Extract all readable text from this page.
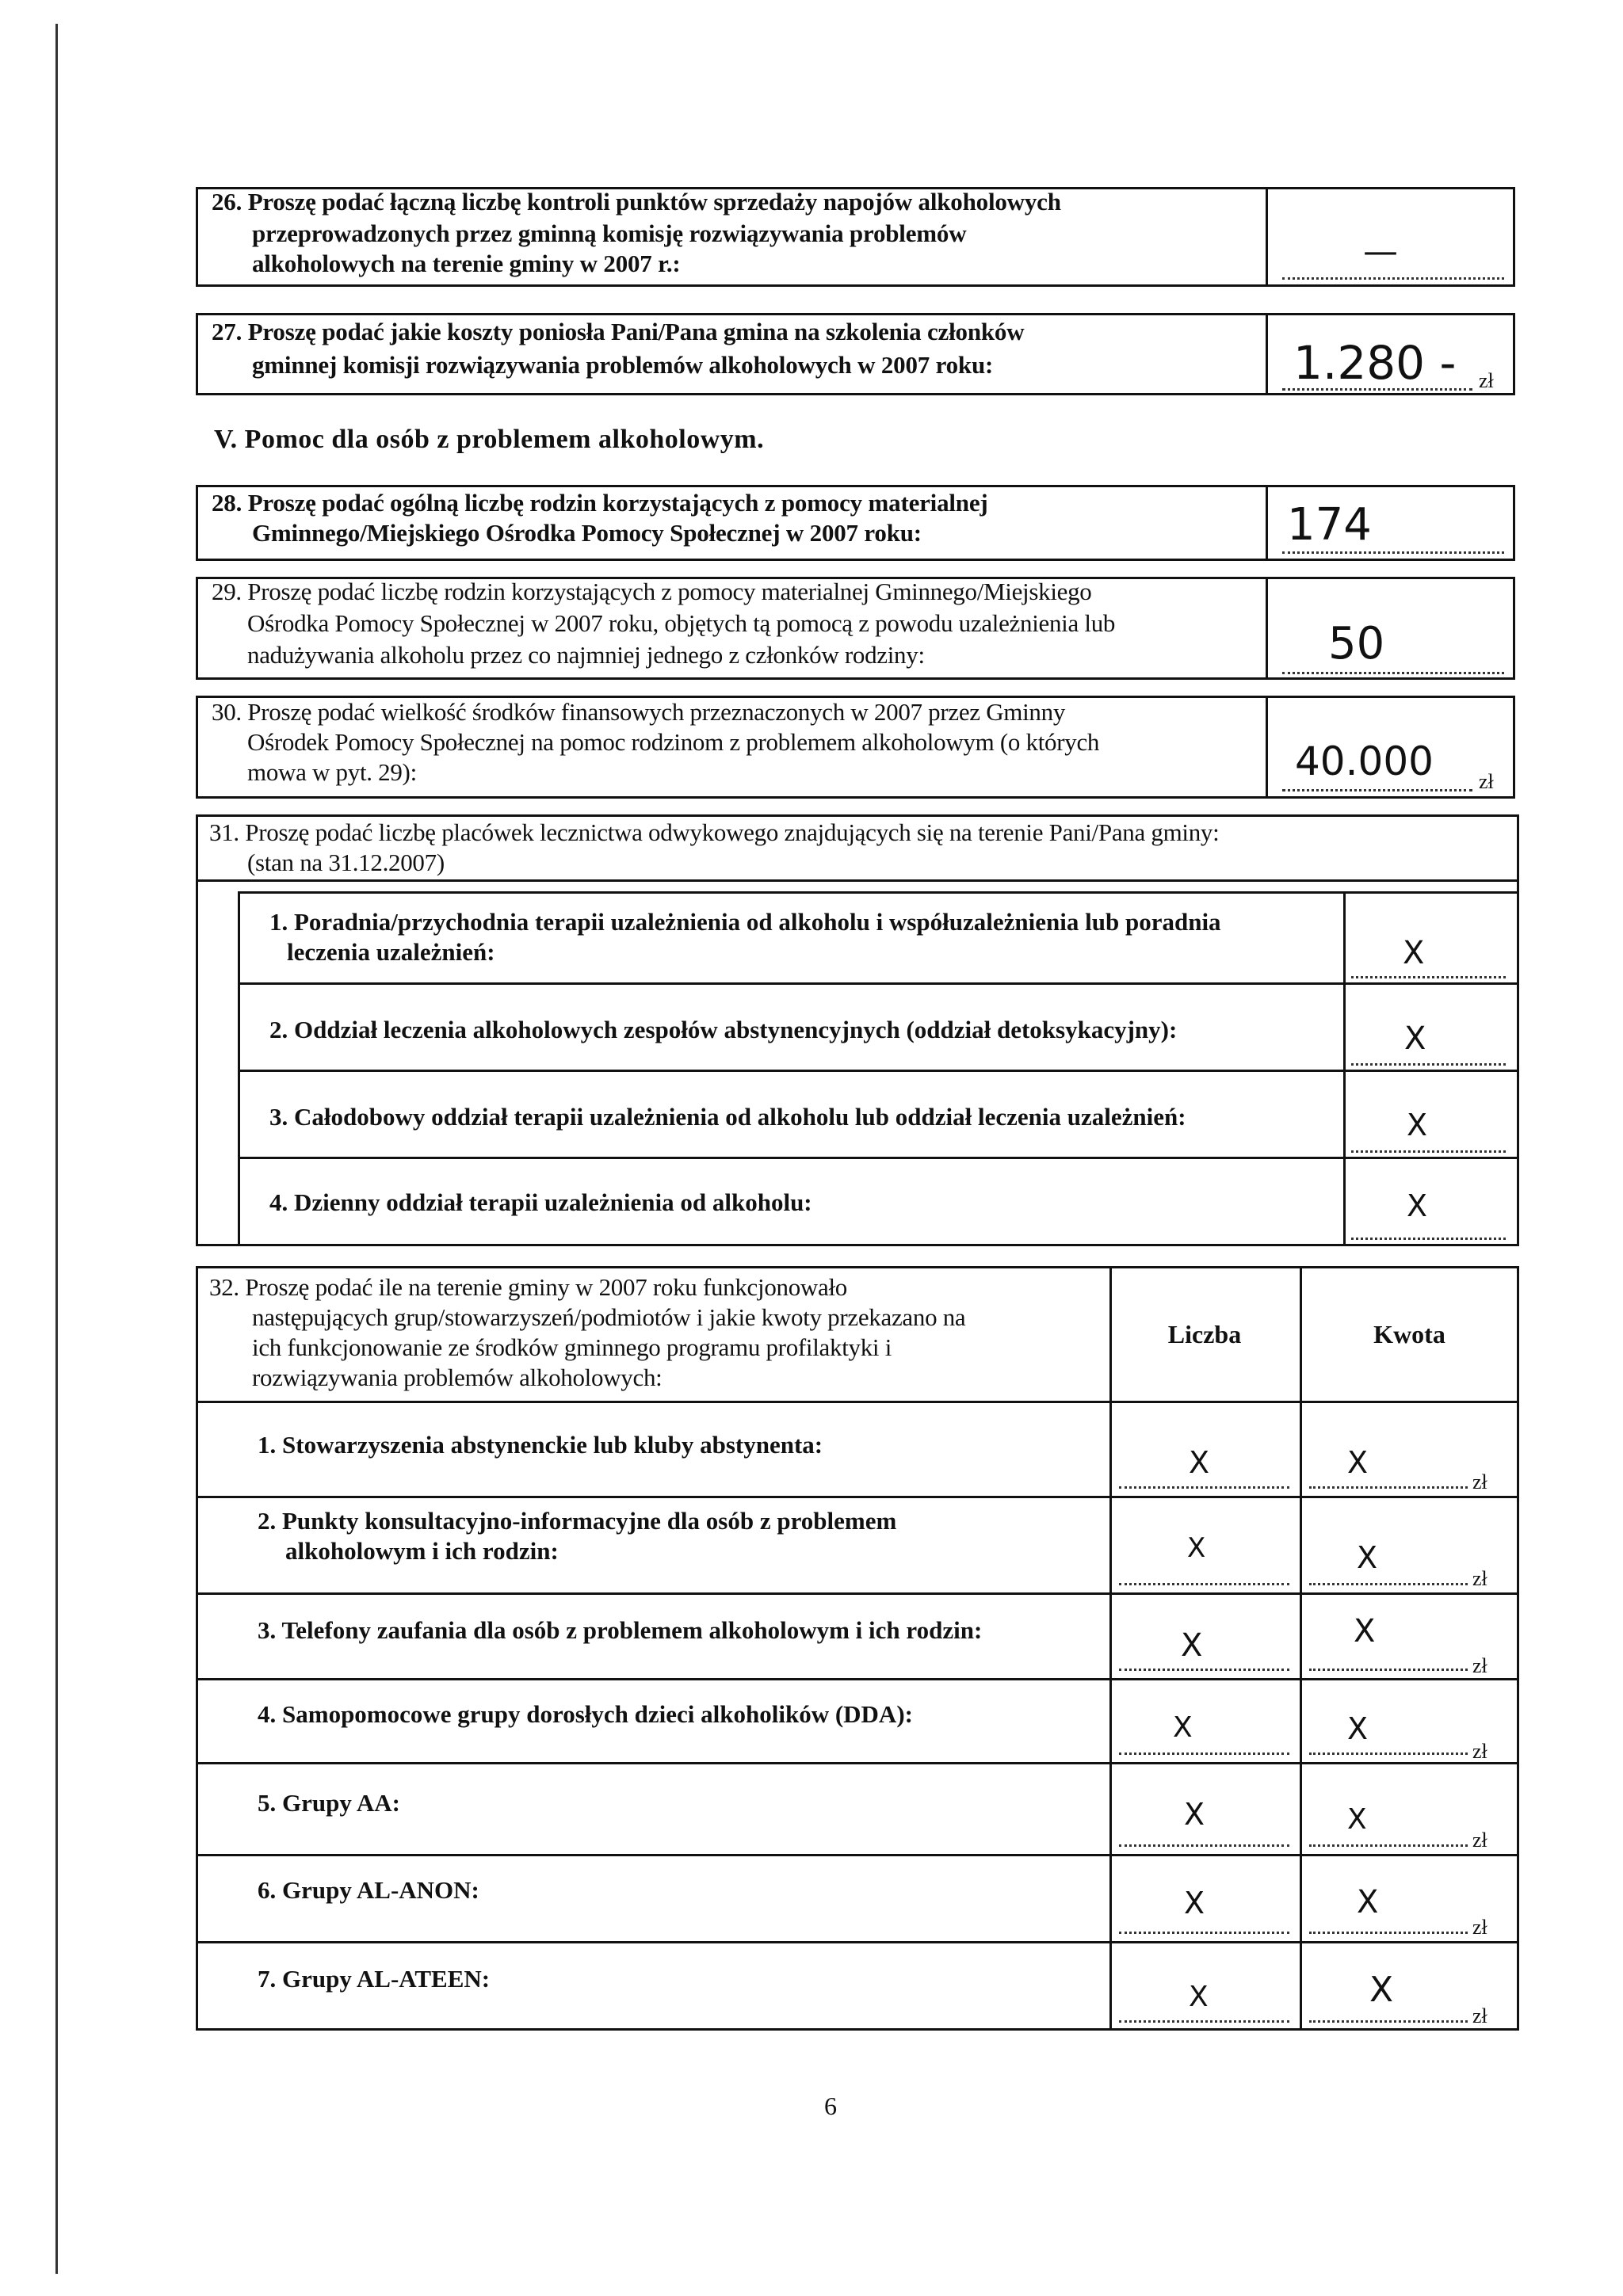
26. Proszę podać łączną liczbę kontroli punktów sprzedaży napojów alkoholowych
przeprowadzonych przez gminną komisję rozwiązywania problemów
alkoholowych na terenie gminy w 2007 r.:	—
27. Proszę podać jakie koszty poniosła Pani/Pana gmina na szkolenia członków
gminnej komisji rozwiązywania problemów alkoholowych w 2007 roku:	1.280 - zł
V. Pomoc dla osób z problemem alkoholowym.
28. Proszę podać ogólną liczbę rodzin korzystających z pomocy materialnej
Gminnego/Miejskiego Ośrodka Pomocy Społecznej w 2007 roku:	174
29. Proszę podać liczbę rodzin korzystających z pomocy materialnej Gminnego/Miejskiego
Ośrodka Pomocy Społecznej w 2007 roku, objętych tą pomocą z powodu uzależnienia lub
nadużywania alkoholu przez co najmniej jednego z członków rodziny:	50
30. Proszę podać wielkość środków finansowych przeznaczonych w 2007 przez Gminny
Ośrodek Pomocy Społecznej na pomoc rodzinom z problemem alkoholowym (o których
mowa w pyt. 29):	40.000 zł
31. Proszę podać liczbę placówek lecznictwa odwykowego znajdujących się na terenie Pani/Pana gminy:
(stan na 31.12.2007)
1. Poradnia/przychodnia terapii uzależnienia od alkoholu i współuzależnienia lub poradnia
leczenia uzależnień:	X
2. Oddział leczenia alkoholowych zespołów abstynencyjnych (oddział detoksykacyjny):	X
3. Całodobowy oddział terapii uzależnienia od alkoholu lub oddział leczenia uzależnień:	X
4. Dzienny oddział terapii uzależnienia od alkoholu:	X
32. Proszę podać ile na terenie gminy w 2007 roku funkcjonowało
następujących grup/stowarzyszeń/podmiotów i jakie kwoty przekazano na
ich funkcjonowanie ze środków gminnego programu profilaktyki i
rozwiązywania problemów alkoholowych:
Liczba	Kwota
1. Stowarzyszenia abstynenckie lub kluby abstynenta:
X	X
zł
2. Punkty konsultacyjno-informacyjne dla osób z problemem
alkoholowym i ich rodzin:	X	X
zł
3. Telefony zaufania dla osób z problemem alkoholowym i ich rodzin:	X	X
zł
4. Samopomocowe grupy dorosłych dzieci alkoholików (DDA):	X	X
zł
5. Grupy AA:	X	X
zł
6. Grupy AL-ANON:	X	X
zł
7. Grupy AL-ATEEN:
X	X
zł
6
